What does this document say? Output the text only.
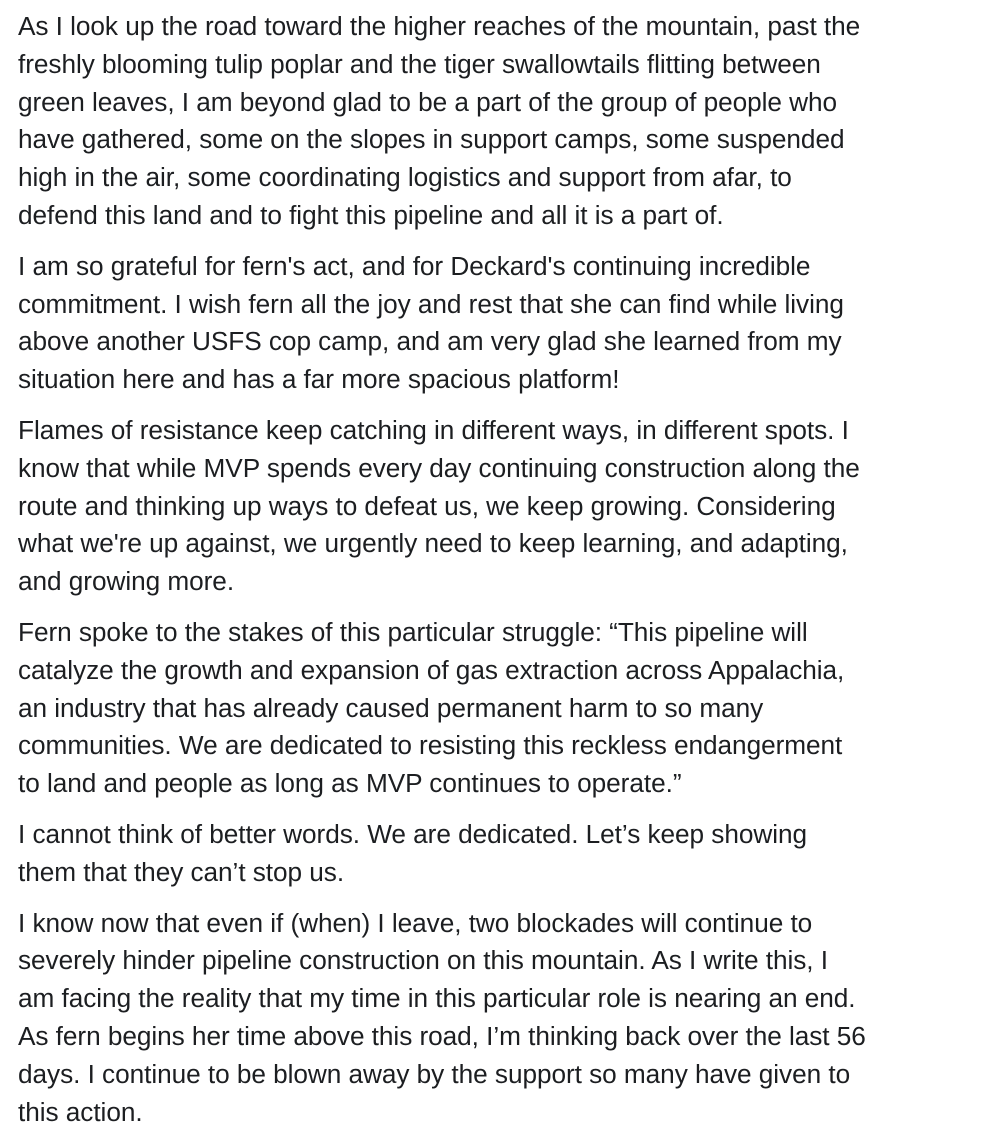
As I look up the road toward the higher reaches of the mountain, past the
freshly blooming tulip poplar and the tiger swallowtails flitting between
green leaves, I am beyond glad to be a part of the group of people who
have gathered, some on the slopes in support camps, some suspended
high in the air, some coordinating logistics and support from afar, to
defend this land and to fight this pipeline and all it is a part of.

I am so grateful for fern's act, and for Deckard's continuing incredible
commitment. I wish fern all the joy and rest that she can find while living
above another USFS cop camp, and am very glad she learned from my
situation here and has a far more spacious platform!

Flames of resistance keep catching in different ways, in different spots. I
know that while MVP spends every day continuing construction along the
route and thinking up ways to defeat us, we keep growing. Considering
what we're up against, we urgently need to keep learning, and adapting,
and growing more.

Fern spoke to the stakes of this particular struggle: “This pipeline will
catalyze the growth and expansion of gas extraction across Appalachia,
an industry that has already caused permanent harm to so many
communities. We are dedicated to resisting this reckless endangerment
to land and people as long as MVP continues to operate.”

I cannot think of better words. We are dedicated. Let’s keep showing
them that they can’t stop us.

I know now that even if (when) I leave, two blockades will continue to
severely hinder pipeline construction on this mountain. As I write this, I
am facing the reality that my time in this particular role is nearing an end.
As fern begins her time above this road, I’m thinking back over the last 56
days. I continue to be blown away by the support so many have given to
this action.
